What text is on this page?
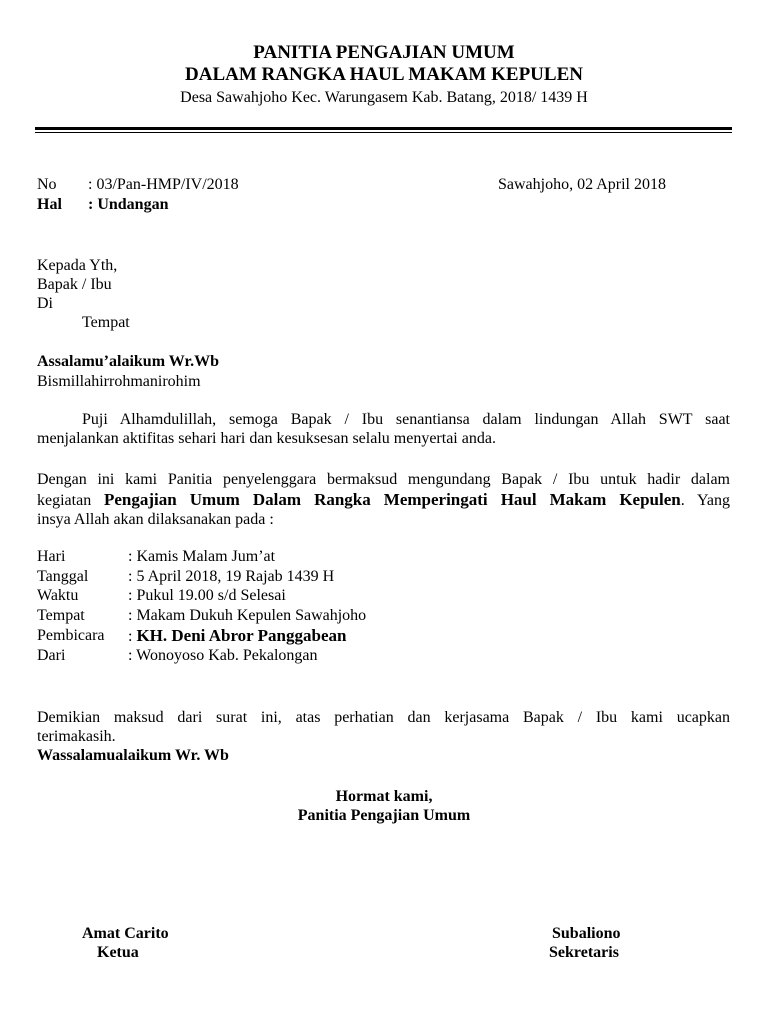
PANITIA PENGAJIAN UMUM
DALAM RANGKA HAUL MAKAM KEPULEN
Desa Sawahjoho Kec. Warungasem Kab. Batang, 2018/ 1439 H
No : 03/Pan-HMP/IV/2018	Sawahjoho, 02 April 2018
Hal : Undangan
Kepada Yth,
Bapak / Ibu
Di
Tempat
Assalamu’alaikum Wr.Wb
Bismillahirrohmanirohim
Puji Alhamdulillah, semoga Bapak / Ibu senantiansa dalam lindungan Allah SWT saat
menjalankan aktifitas sehari hari dan kesuksesan selalu menyertai anda.
Dengan ini kami Panitia penyelenggara bermaksud mengundang Bapak / Ibu untuk hadir dalam
kegiatan Pengajian Umum Dalam Rangka Memperingati Haul Makam Kepulen. Yang
insya Allah akan dilaksanakan pada :
Hari	: Kamis Malam Jum’at
Tanggal : 5 April 2018, 19 Rajab 1439 H
Waktu	: Pukul 19.00 s/d Selesai
Tempat	: Makam Dukuh Kepulen Sawahjoho
Pembicara : KH. Deni Abror Panggabean
Dari	: Wonoyoso Kab. Pekalongan
Demikian maksud dari surat ini, atas perhatian dan kerjasama Bapak / Ibu kami ucapkan
terimakasih.
Wassalamualaikum Wr. Wb
Hormat kami,
Panitia Pengajian Umum
Amat Carito
Ketua
Subaliono
Sekretaris
